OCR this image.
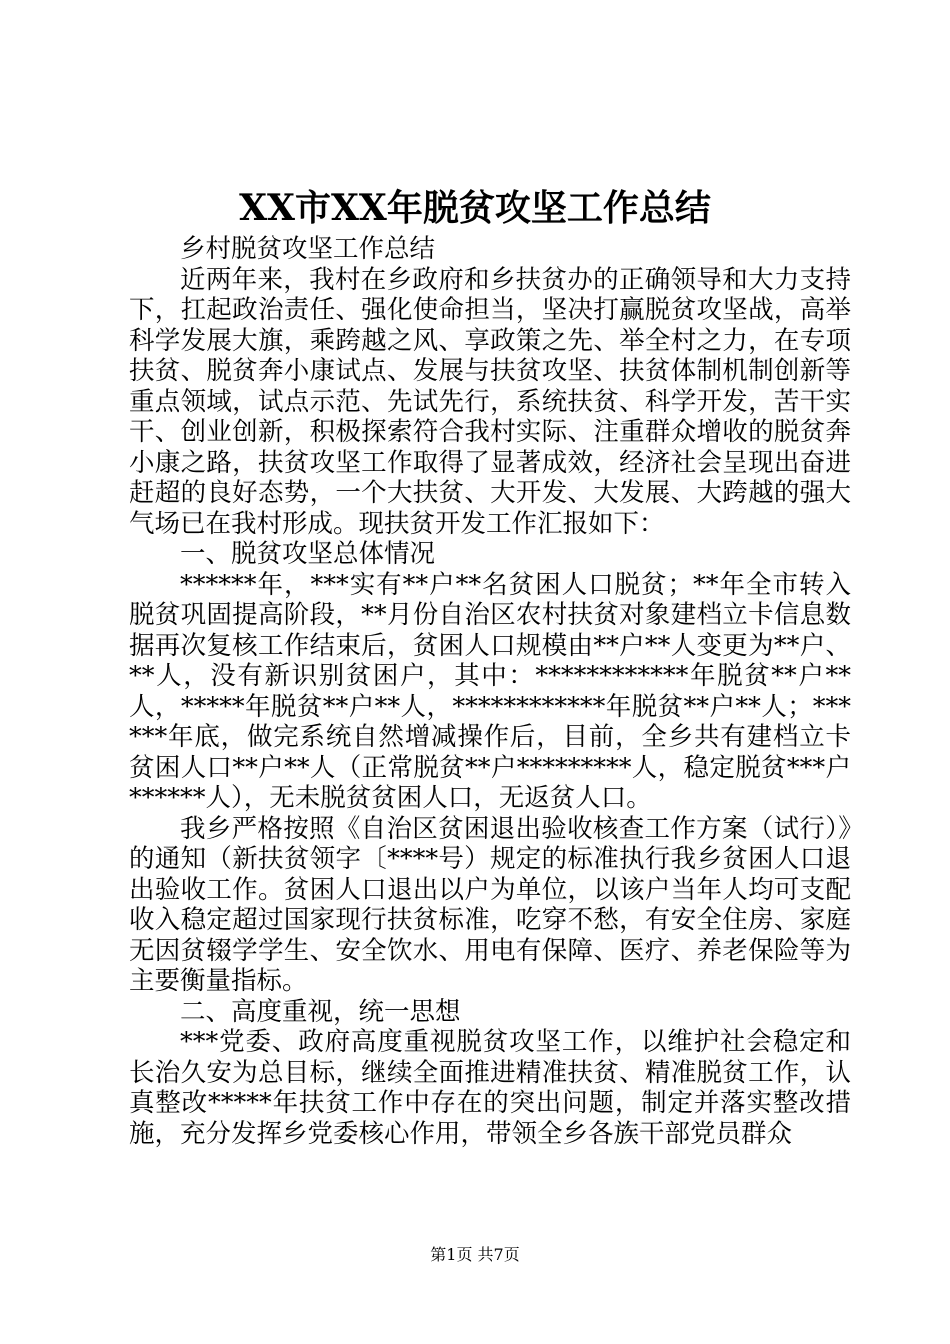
XX市XX年脱贫攻坚工作总结

乡村脱贫攻坚工作总结

近两年来，我村在乡政府和乡扶贫办的正确领导和大力支持下，扛起政治责任、强化使命担当，坚决打赢脱贫攻坚战，高举科学发展大旗，乘跨越之风、享政策之先、举全村之力，在专项扶贫、脱贫奔小康试点、发展与扶贫攻坚、扶贫体制机制创新等重点领域，试点示范、先试先行，系统扶贫、科学开发，苦干实干、创业创新，积极探索符合我村实际、注重群众增收的脱贫奔小康之路，扶贫攻坚工作取得了显著成效，经济社会呈现出奋进赶超的良好态势，一个大扶贫、大开发、大发展、大跨越的强大气场已在我村形成。现扶贫开发工作汇报如下：

一、脱贫攻坚总体情况

******年，***实有**户**名贫困人口脱贫；**年全市转入脱贫巩固提高阶段，**月份自治区农村扶贫对象建档立卡信息数据再次复核工作结束后，贫困人口规模由**户**人变更为**户、**人，没有新识别贫困户，其中：************年脱贫**户**人，*****年脱贫**户**人，************年脱贫**户**人；******年底，做完系统自然增减操作后，目前，全乡共有建档立卡贫困人口**户**人（正常脱贫**户*********人，稳定脱贫***户******人），无未脱贫贫困人口，无返贫人口。

我乡严格按照《自治区贫困退出验收核查工作方案（试行）》的通知（新扶贫领字〔****号）规定的标准执行我乡贫困人口退出验收工作。贫困人口退出以户为单位，以该户当年人均可支配收入稳定超过国家现行扶贫标准，吃穿不愁，有安全住房、家庭无因贫辍学学生、安全饮水、用电有保障、医疗、养老保险等为主要衡量指标。

二、高度重视，统一思想

***党委、政府高度重视脱贫攻坚工作，以维护社会稳定和长治久安为总目标，继续全面推进精准扶贫、精准脱贫工作，认真整改*****年扶贫工作中存在的突出问题，制定并落实整改措施，充分发挥乡党委核心作用，带领全乡各族干部党员群众

第1页 共7页
